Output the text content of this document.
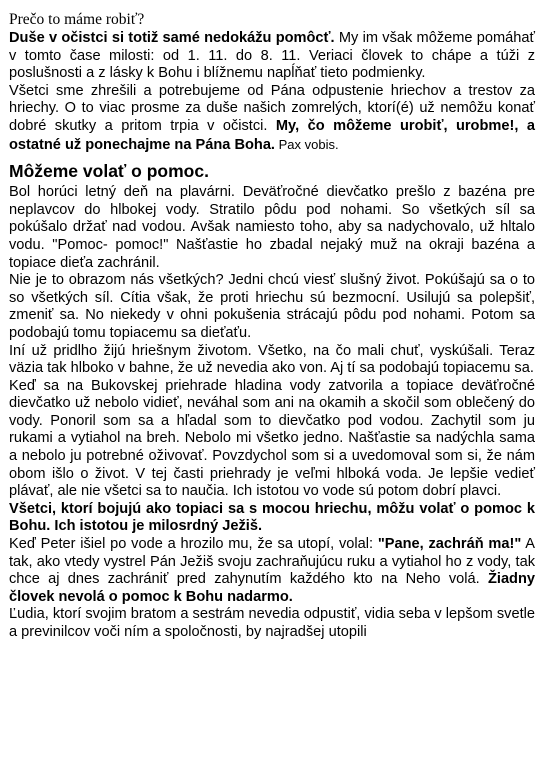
Prečo to máme robiť?

Duše v očistci si totiž samé nedokážu pomôcť. My im však môžeme pomáhať v tomto čase milosti: od 1. 11. do 8. 11. Veriaci človek to chápe a túži z poslušnosti a z lásky k Bohu i blížnemu napĺňať tieto podmienky.

Všetci sme zhrešili a potrebujeme od Pána odpustenie hriechov a trestov za hriechy. O to viac prosme za duše našich zomrelých, ktorí(é) už nemôžu konať dobré skutky a pritom trpia v očistci. My, čo môžeme urobiť, urobme!, a ostatné už ponechajme na Pána Boha. Pax vobis.

Môžeme volať o pomoc.

Bol horúci letný deň na plavárni. Deväťročné dievčatko prešlo z bazéna pre neplavcov do hlbokej vody. Stratilo pôdu pod nohami. So všetkých síl sa pokúšalo držať nad vodou. Avšak namiesto toho, aby sa nadychovalo, už hltalo vodu. "Pomoc- pomoc!" Našťastie ho zbadal nejaký muž na okraji bazéna a topiace dieťa zachránil.

Nie je to obrazom nás všetkých? Jedni chcú viesť slušný život. Pokúšajú sa o to so všetkých síl. Cítia však, že proti hriechu sú bezmocní. Usilujú sa polepšiť, zmeniť sa. No niekedy v ohni pokušenia strácajú pôdu pod nohami. Potom sa podobajú tomu topiacemu sa dieťaťu.

Iní už pridlho žijú hriešnym životom. Všetko, na čo mali chuť, vyskúšali. Teraz väzia tak hlboko v bahne, že už nevedia ako von. Aj tí sa podobajú topiacemu sa.

Keď sa na Bukovskej priehrade hladina vody zatvorila a topiace deväťročné dievčatko už nebolo vidieť, neváhal som ani na okamih a skočil som oblečený do vody. Ponoril som sa a hľadal som to dievčatko pod vodou. Zachytil som ju rukami a vytiahol na breh. Nebolo mi všetko jedno. Našťastie sa nadýchla sama a nebolo ju potrebné oživovať. Povzdychol som si a uvedomoval som si, že nám obom išlo o život. V tej časti priehrady je veľmi hlboká voda. Je lepšie vedieť plávať, ale nie všetci sa to naučia. Ich istotou vo vode sú potom dobrí plavci.

Všetci, ktorí bojujú ako topiaci sa s mocou hriechu, môžu volať o pomoc k Bohu. Ich istotou je milosrdný Ježiš.

Keď Peter išiel po vode a hrozilo mu, že sa utopí, volal: "Pane, zachráň ma!" A tak, ako vtedy vystrel Pán Ježiš svoju zachraňujúcu ruku a vytiahol ho z vody, tak chce aj dnes zachrániť pred zahynutím každého kto na Neho volá. Žiadny človek nevolá o pomoc k Bohu nadarmo.

Ľudia, ktorí svojim bratom a sestrám nevedia odpustiť, vidia seba v lepšom svetle a previnilcov voči ním a spoločnosti, by najradšej utopili
